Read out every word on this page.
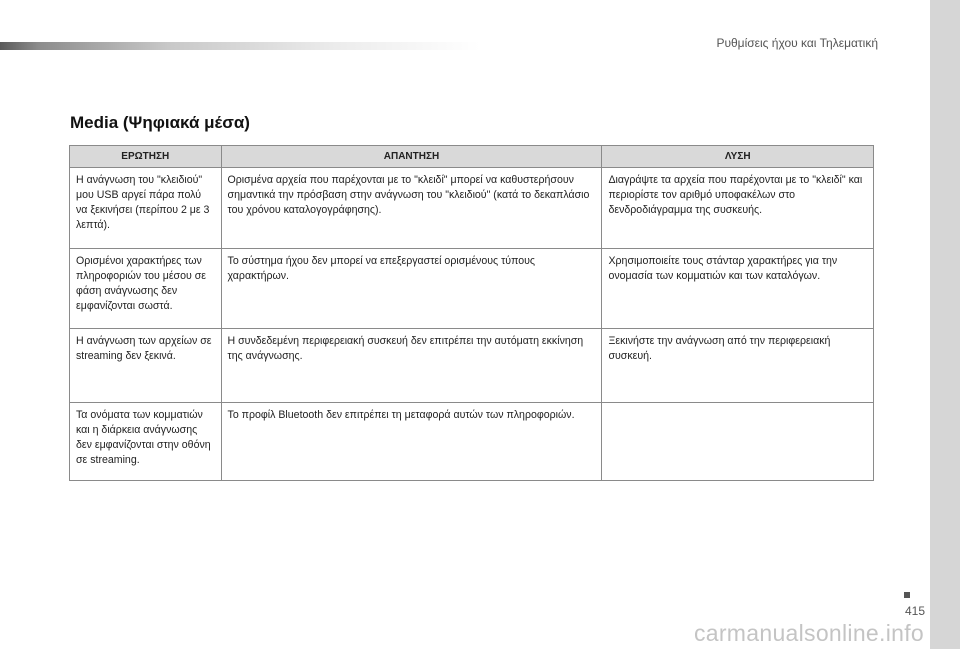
Ρυθμίσεις ήχου και Τηλεματική
Media (Ψηφιακά μέσα)
ΕΡΩΤΗΣΗ	ΑΠΑΝΤΗΣΗ	ΛΥΣΗ
Η ανάγνωση του "κλειδιού" μου USB αργεί πάρα πολύ να ξεκινήσει (περίπου 2 με 3 λεπτά).	Ορισμένα αρχεία που παρέχονται με το "κλειδί" μπορεί να καθυστερήσουν σημαντικά την πρόσβαση στην ανάγνωση του "κλειδιού" (κατά το δεκαπλάσιο του χρόνου καταλογογράφησης).	Διαγράψτε τα αρχεία που παρέχονται με το "κλειδί" και περιορίστε τον αριθμό υποφακέλων στο δενδροδιάγραμμα της συσκευής.
Ορισμένοι χαρακτήρες των πληροφοριών του μέσου σε φάση ανάγνωσης δεν εμφανίζονται σωστά.	Το σύστημα ήχου δεν μπορεί να επεξεργαστεί ορισμένους τύπους χαρακτήρων.	Χρησιμοποιείτε τους στάνταρ χαρακτήρες για την ονομασία των κομματιών και των καταλόγων.
Η ανάγνωση των αρχείων σε streaming δεν ξεκινά.	Η συνδεδεμένη περιφερειακή συσκευή δεν επιτρέπει την αυτόματη εκκίνηση της ανάγνωσης.	Ξεκινήστε την ανάγνωση από την περιφερειακή συσκευή.
Τα ονόματα των κομματιών και η διάρκεια ανάγνωσης δεν εμφανίζονται στην οθόνη σε streaming.	Το προφίλ Bluetooth δεν επιτρέπει τη μεταφορά αυτών των πληροφοριών.	
415
carmanualsonline.info
